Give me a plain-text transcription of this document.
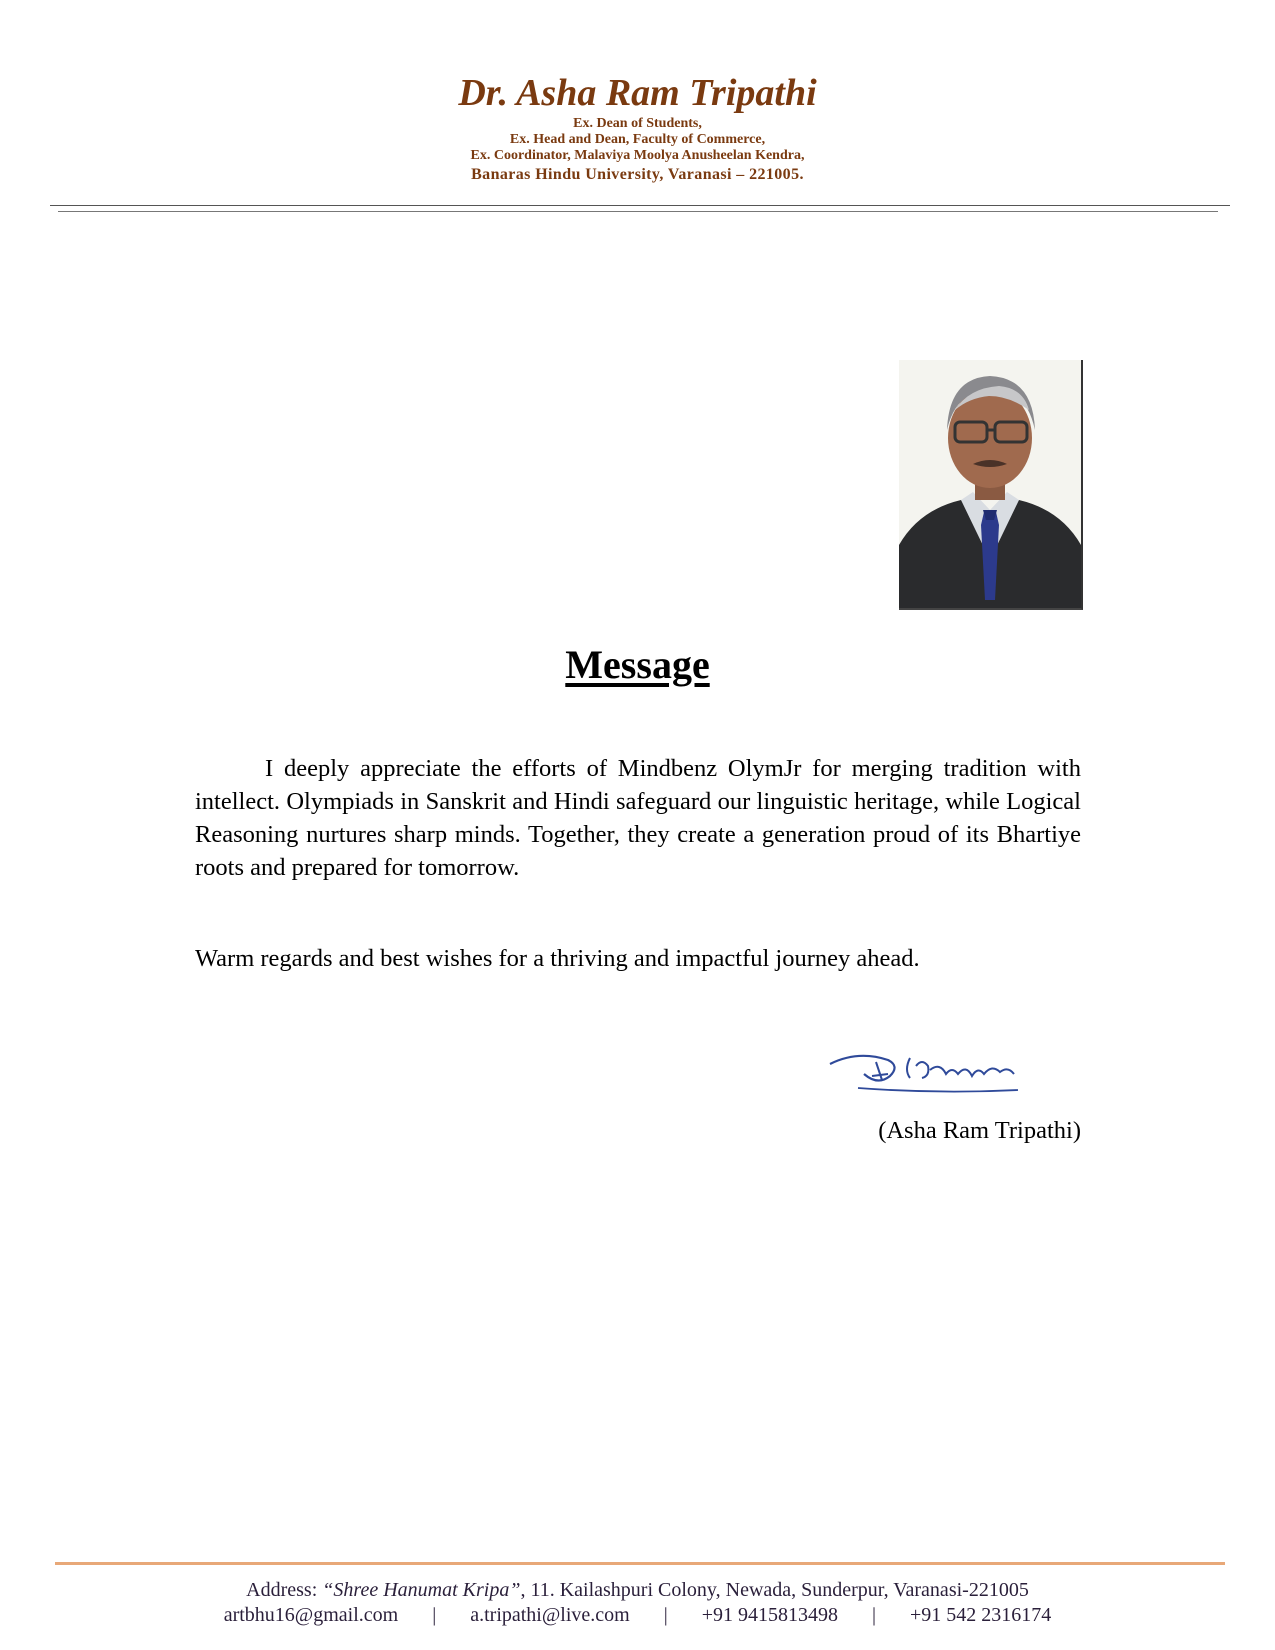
Dr. Asha Ram Tripathi

Ex. Dean of Students,

Ex. Head and Dean, Faculty of Commerce,

Ex. Coordinator, Malaviya Moolya Anusheelan Kendra,

Banaras Hindu University, Varanasi – 221005.

Message

I deeply appreciate the efforts of Mindbenz OlymJr for merging tradition with intellect. Olympiads in Sanskrit and Hindi safeguard our linguistic heritage, while Logical Reasoning nurtures sharp minds. Together, they create a generation proud of its Bhartiye roots and prepared for tomorrow.

Warm regards and best wishes for a thriving and impactful journey ahead.

(Asha Ram Tripathi)
Address: “Shree Hanumat Kripa”, 11. Kailashpuri Colony, Newada, Sunderpur, Varanasi-221005
artbhu16@gmail.com | a.tripathi@live.com | +91 9415813498 | +91 542 2316174
